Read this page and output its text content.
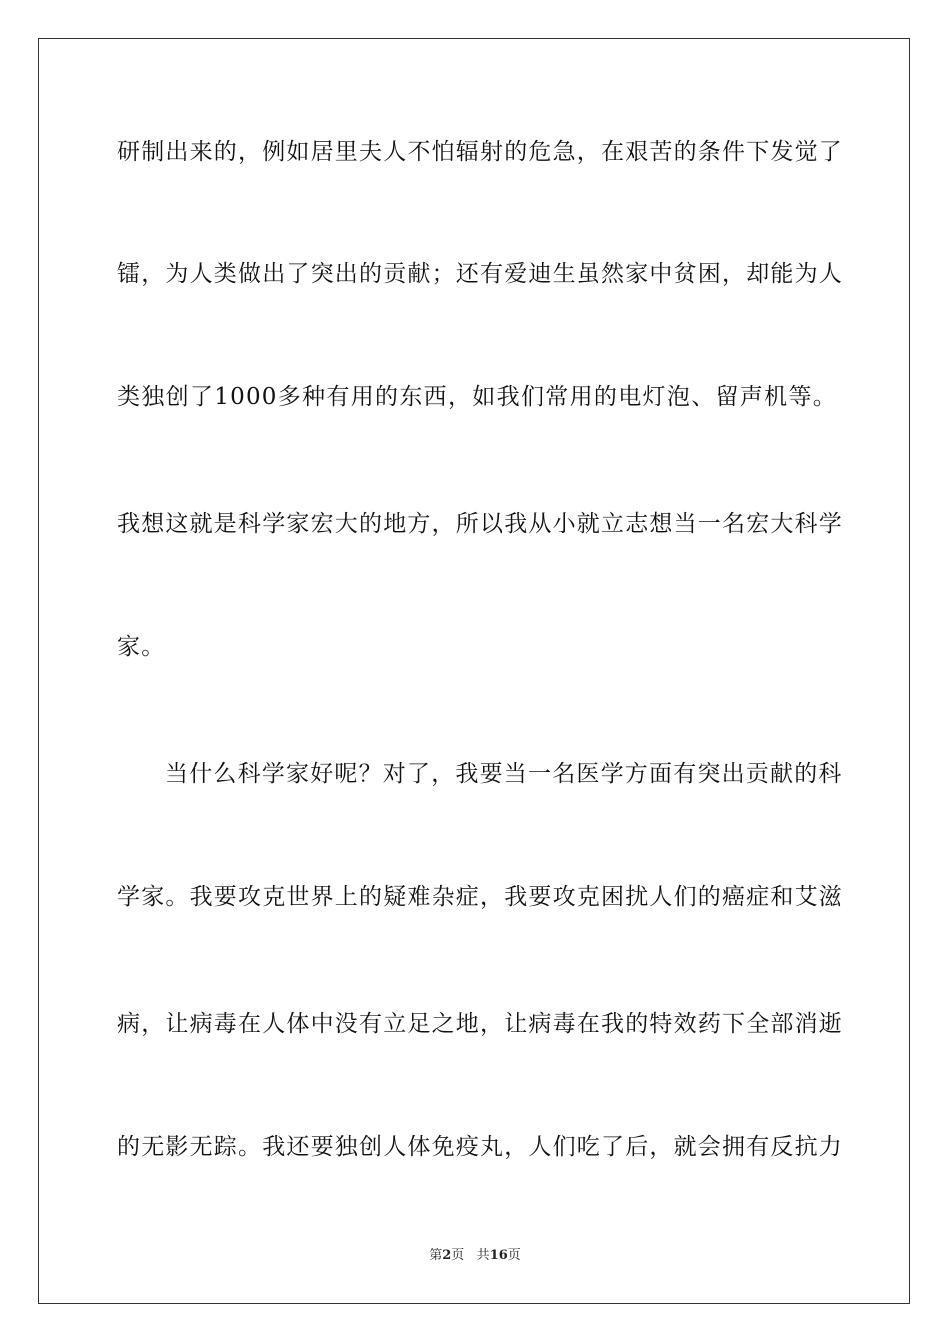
研制出来的，例如居里夫人不怕辐射的危急，在艰苦的条件下发觉了
镭，为人类做出了突出的贡献；还有爱迪生虽然家中贫困，却能为人
类独创了1000多种有用的东西，如我们常用的电灯泡、留声机等。
我想这就是科学家宏大的地方，所以我从小就立志想当一名宏大科学
家。
当什么科学家好呢？对了，我要当一名医学方面有突出贡献的科
学家。我要攻克世界上的疑难杂症，我要攻克困扰人们的癌症和艾滋
病，让病毒在人体中没有立足之地，让病毒在我的特效药下全部消逝
的无影无踪。我还要独创人体免疫丸，人们吃了后，就会拥有反抗力
第2页 共16页
